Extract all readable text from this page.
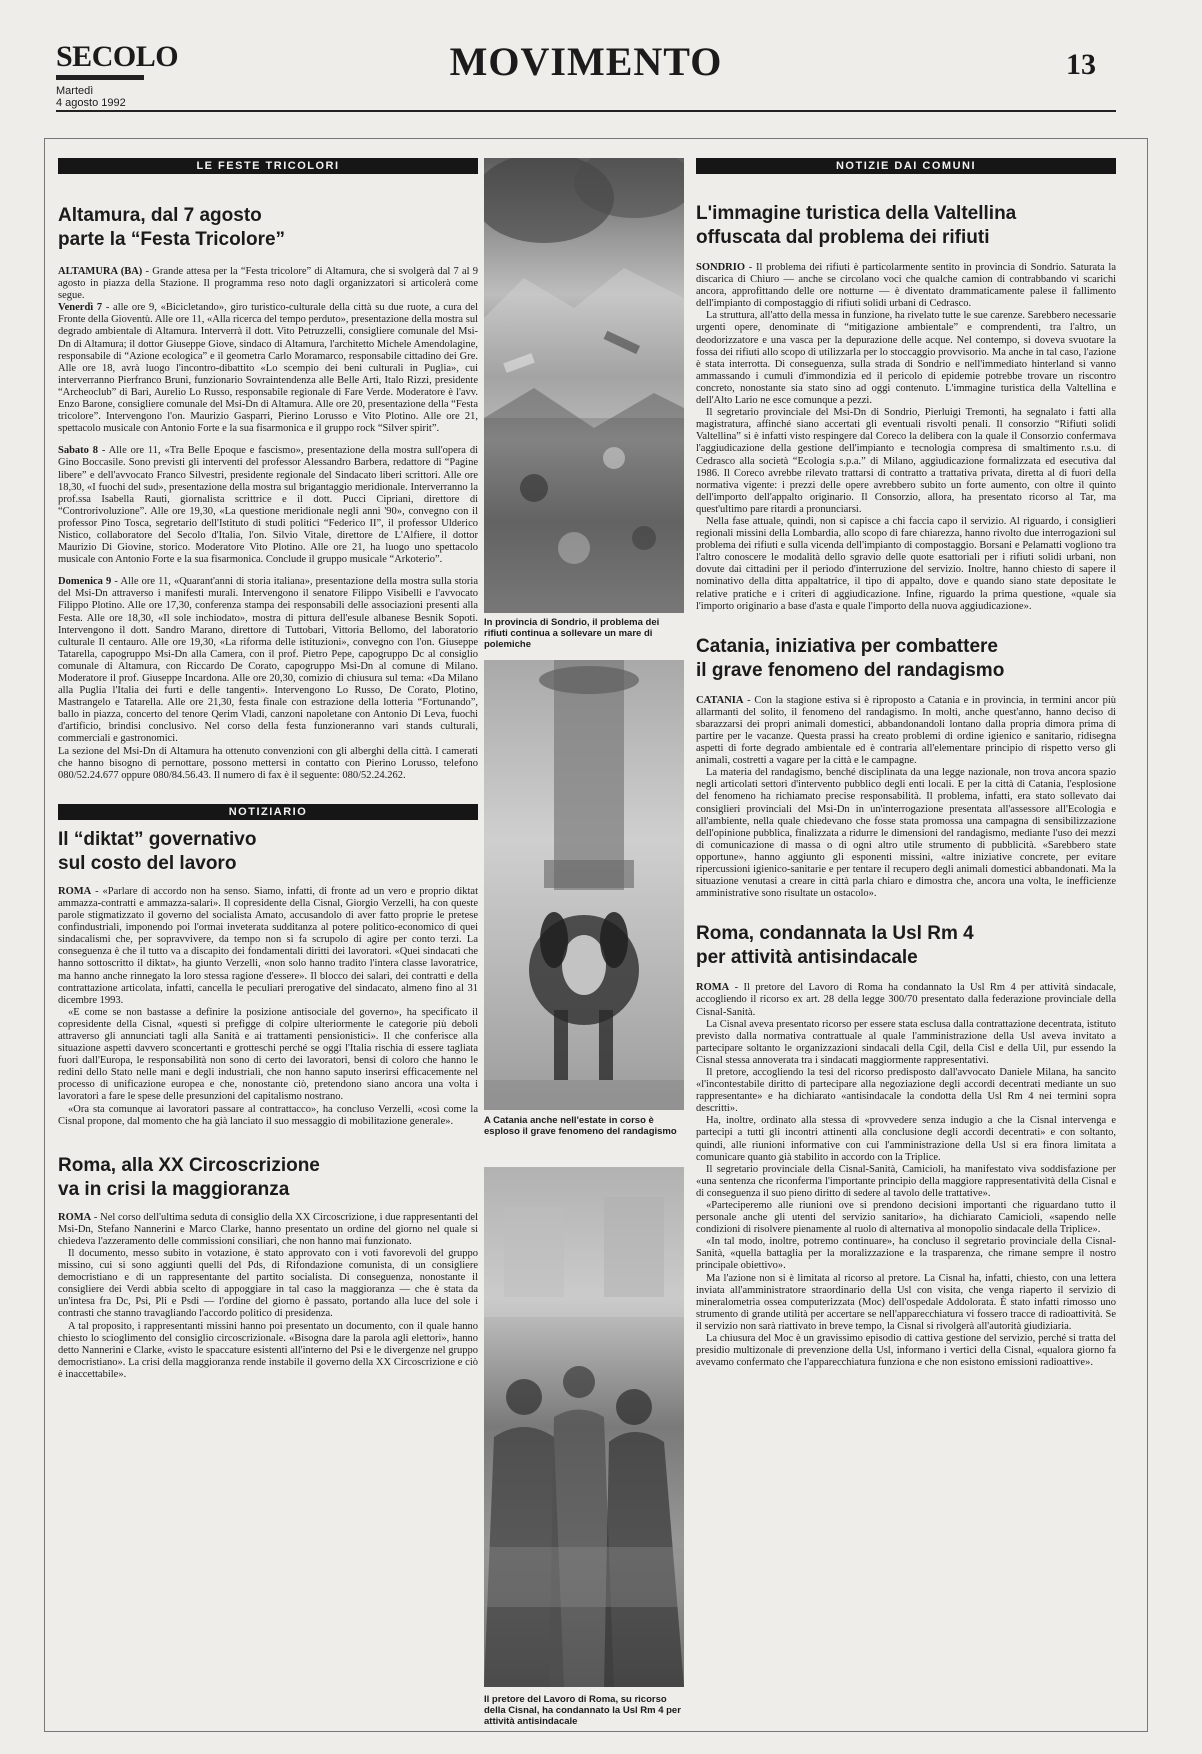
SECOLO
Martedì
4 agosto 1992
MOVIMENTO	13
LE FESTE TRICOLORI
Altamura, dal 7 agosto
parte la “Festa Tricolore”

ALTAMURA (BA) - Grande attesa per la “Festa tricolore” di Altamura, che si svolgerà dal 7 al 9 agosto in piazza della Stazione. Il programma reso noto dagli organizzatori si articolerà come segue.

Venerdì 7 - alle ore 9, «Bicicletando», giro turistico-culturale della città su due ruote, a cura del Fronte della Gioventù. Alle ore 11, «Alla ricerca del tempo perduto», presentazione della mostra sul degrado ambientale di Altamura. Interverrà il dott. Vito Petruzzelli, consigliere comunale del Msi-Dn di Altamura; il dottor Giuseppe Giove, sindaco di Altamura, l'architetto Michele Amendolagine, responsabile di “Azione ecologica” e il geometra Carlo Moramarco, responsabile cittadino dei Gre. Alle ore 18, avrà luogo l'incontro-dibattito «Lo scempio dei beni culturali in Puglia», cui interverranno Pierfranco Bruni, funzionario Sovraintendenza alle Belle Arti, Italo Rizzi, presidente “Archeoclub” di Bari, Aurelio Lo Russo, responsabile regionale di Fare Verde. Moderatore è l'avv. Enzo Barone, consigliere comunale del Msi-Dn di Altamura. Alle ore 20, presentazione della “Festa tricolore”. Intervengono l'on. Maurizio Gasparri, Pierino Lorusso e Vito Plotino. Alle ore 21, spettacolo musicale con Antonio Forte e la sua fisarmonica e il gruppo rock “Silver spirit”.

Sabato 8 - Alle ore 11, «Tra Belle Epoque e fascismo», presentazione della mostra sull'opera di Gino Boccasile. Sono previsti gli interventi del professor Alessandro Barbera, redattore di “Pagine libere” e dell'avvocato Franco Silvestri, presidente regionale del Sindacato liberi scrittori. Alle ore 18,30, «I fuochi del sud», presentazione della mostra sul brigantaggio meridionale. Interverranno la prof.ssa Isabella Rauti, giornalista scrittrice e il dott. Pucci Cipriani, direttore di “Controrivoluzione”. Alle ore 19,30, «La questione meridionale negli anni '90», convegno con il professor Pino Tosca, segretario dell'Istituto di studi politici “Federico II”, il professor Ulderico Nistico, collaboratore del Secolo d'Italia, l'on. Silvio Vitale, direttore de L'Alfiere, il dottor Maurizio Di Giovine, storico. Moderatore Vito Plotino. Alle ore 21, ha luogo uno spettacolo musicale con Antonio Forte e la sua fisarmonica. Conclude il gruppo musicale “Arkoterio”.

Domenica 9 - Alle ore 11, «Quarant'anni di storia italiana», presentazione della mostra sulla storia del Msi-Dn attraverso i manifesti murali. Intervengono il senatore Filippo Visibelli e l'avvocato Filippo Plotino. Alle ore 17,30, conferenza stampa dei responsabili delle associazioni presenti alla Festa. Alle ore 18,30, «Il sole inchiodato», mostra di pittura dell'esule albanese Besnik Sopoti. Intervengono il dott. Sandro Marano, direttore di Tuttobari, Vittoria Bellomo, del laboratorio culturale Il centauro. Alle ore 19,30, «La riforma delle istituzioni», convegno con l'on. Giuseppe Tatarella, capogruppo Msi-Dn alla Camera, con il prof. Pietro Pepe, capogruppo Dc al consiglio comunale di Altamura, con Riccardo De Corato, capogruppo Msi-Dn al comune di Milano. Moderatore il prof. Giuseppe Incardona. Alle ore 20,30, comizio di chiusura sul tema: «Da Milano alla Puglia l'Italia dei furti e delle tangenti». Intervengono Lo Russo, De Corato, Plotino, Mastrangelo e Tatarella. Alle ore 21,30, festa finale con estrazione della lotteria “Fortunando”, ballo in piazza, concerto del tenore Qerim Vladi, canzoni napoletane con Antonio Di Leva, fuochi d'artificio, brindisi conclusivo. Nel corso della festa funzioneranno vari stands culturali, commerciali e gastronomici.

La sezione del Msi-Dn di Altamura ha ottenuto convenzioni con gli alberghi della città. I camerati che hanno bisogno di pernottare, possono mettersi in contatto con Pierino Lorusso, telefono 080/52.24.677 oppure 080/84.56.43. Il numero di fax è il seguente: 080/52.24.262.

NOTIZIARIO
Il “diktat” governativo
sul costo del lavoro

ROMA - «Parlare di accordo non ha senso. Siamo, infatti, di fronte ad un vero e proprio diktat ammazza-contratti e ammazza-salari». Il copresidente della Cisnal, Giorgio Verzelli, ha con queste parole stigmatizzato il governo del socialista Amato, accusandolo di aver fatto proprie le pretese confindustriali, imponendo poi l'ormai inveterata sudditanza al potere politico-economico di quei sindacalismi che, per sopravvivere, da tempo non si fa scrupolo di agire per conto terzi. La conseguenza è che il tutto va a discapito dei fondamentali diritti dei lavoratori. «Quei sindacati che hanno sottoscritto il diktat», ha giunto Verzelli, «non solo hanno tradito l'intera classe lavoratrice, ma hanno anche rinnegato la loro stessa ragione d'essere». Il blocco dei salari, dei contratti e della contrattazione articolata, infatti, cancella le peculiari prerogative del sindacato, almeno fino al 31 dicembre 1993.

«E come se non bastasse a definire la posizione antisociale del governo», ha specificato il copresidente della Cisnal, «questi si prefigge di colpire ulteriormente le categorie più deboli attraverso gli annunciati tagli alla Sanità e ai trattamenti pensionistici». Il che conferisce alla situazione aspetti davvero sconcertanti e grotteschi perché se oggi l'Italia rischia di essere tagliata fuori dall'Europa, le responsabilità non sono di certo dei lavoratori, bensì di coloro che hanno le redini dello Stato nelle mani e degli industriali, che non hanno saputo inserirsi efficacemente nel processo di unificazione europea e che, nonostante ciò, pretendono siano ancora una volta i lavoratori a fare le spese delle presunzioni del capitalismo nostrano.

«Ora sta comunque ai lavoratori passare al contrattacco», ha concluso Verzelli, «così come la Cisnal propone, dal momento che ha già lanciato il suo messaggio di mobilitazione generale».

Roma, alla XX Circoscrizione
va in crisi la maggioranza

ROMA - Nel corso dell'ultima seduta di consiglio della XX Circoscrizione, i due rappresentanti del Msi-Dn, Stefano Nannerini e Marco Clarke, hanno presentato un ordine del giorno nel quale si chiedeva l'azzeramento delle commissioni consiliari, che non hanno mai funzionato.

Il documento, messo subito in votazione, è stato approvato con i voti favorevoli del gruppo missino, cui si sono aggiunti quelli del Pds, di Rifondazione comunista, di un consigliere democristiano e di un rappresentante del partito socialista. Di conseguenza, nonostante il consigliere dei Verdi abbia scelto di appoggiare in tal caso la maggioranza — che è stata da un'intesa fra Dc, Psi, Pli e Psdi — l'ordine del giorno è passato, portando alla luce del sole i contrasti che stanno travagliando l'accordo politico di presidenza.

A tal proposito, i rappresentanti missini hanno poi presentato un documento, con il quale hanno chiesto lo scioglimento del consiglio circoscrizionale. «Bisogna dare la parola agli elettori», hanno detto Nannerini e Clarke, «visto le spaccature esistenti all'interno del Psi e le divergenze nel gruppo democristiano». La crisi della maggioranza rende instabile il governo della XX Circoscrizione e ciò è inaccettabile».

In provincia di Sondrio, il problema dei rifiuti continua a sollevare un mare di polemiche
A Catania anche nell'estate in corso è esploso il grave fenomeno del randagismo
Il pretore del Lavoro di Roma, su ricorso della Cisnal, ha condannato la Usl Rm 4 per attività antisindacale
NOTIZIE DAI COMUNI
L'immagine turistica della Valtellina
offuscata dal problema dei rifiuti

SONDRIO - Il problema dei rifiuti è particolarmente sentito in provincia di Sondrio. Saturata la discarica di Chiuro — anche se circolano voci che qualche camion di contrabbando vi scarichi ancora, approfittando delle ore notturne — è diventato drammaticamente palese il fallimento dell'impianto di compostaggio di rifiuti solidi urbani di Cedrasco.

La struttura, all'atto della messa in funzione, ha rivelato tutte le sue carenze. Sarebbero necessarie urgenti opere, denominate di “mitigazione ambientale” e comprendenti, tra l'altro, un deodorizzatore e una vasca per la depurazione delle acque. Nel contempo, si doveva svuotare la fossa dei rifiuti allo scopo di utilizzarla per lo stoccaggio provvisorio. Ma anche in tal caso, l'azione è stata interrotta. Di conseguenza, sulla strada di Sondrio e nell'immediato hinterland si vanno ammassando i cumuli d'immondizia ed il pericolo di epidemie potrebbe trovare un riscontro concreto, nonostante sia stato sino ad oggi contenuto. L'immagine turistica della Valtellina e dell'Alto Lario ne esce comunque a pezzi.

Il segretario provinciale del Msi-Dn di Sondrio, Pierluigi Tremonti, ha segnalato i fatti alla magistratura, affinché siano accertati gli eventuali risvolti penali. Il consorzio “Rifiuti solidi Valtellina” si è infatti visto respingere dal Coreco la delibera con la quale il Consorzio confermava l'aggiudicazione della gestione dell'impianto e tecnologia compresa di smaltimento r.s.u. di Cedrasco alla società “Ecologia s.p.a.” di Milano, aggiudicazione formalizzata ed esecutiva dal 1986. Il Coreco avrebbe rilevato trattarsi di contratto a trattativa privata, diretta al di fuori della normativa vigente: i prezzi delle opere avrebbero subito un forte aumento, con oltre il quinto dell'importo dell'appalto originario. Il Consorzio, allora, ha presentato ricorso al Tar, ma quest'ultimo pare ritardi a pronunciarsi.

Nella fase attuale, quindi, non si capisce a chi faccia capo il servizio. Al riguardo, i consiglieri regionali missini della Lombardia, allo scopo di fare chiarezza, hanno rivolto due interrogazioni sul problema dei rifiuti e sulla vicenda dell'impianto di compostaggio. Borsani e Pelamatti vogliono tra l'altro conoscere le modalità dello sgravio delle quote esattoriali per i rifiuti solidi urbani, non dovute dai cittadini per il periodo d'interruzione del servizio. Inoltre, hanno chiesto di sapere il nominativo della ditta appaltatrice, il tipo di appalto, dove e quando siano state depositate le relative pratiche e i criteri di aggiudicazione. Infine, riguardo la prima questione, «quale sia l'importo originario a base d'asta e quale l'importo della nuova aggiudicazione».

Catania, iniziativa per combattere
il grave fenomeno del randagismo

CATANIA - Con la stagione estiva si è riproposto a Catania e in provincia, in termini ancor più allarmanti del solito, il fenomeno del randagismo. In molti, anche quest'anno, hanno deciso di sbarazzarsi dei propri animali domestici, abbandonandoli lontano dalla propria dimora prima di partire per le vacanze. Questa prassi ha creato problemi di ordine igienico e sanitario, ridisegna aspetti di forte degrado ambientale ed è contraria all'elementare principio di rispetto verso gli animali, costretti a vagare per la città e le campagne.

La materia del randagismo, benché disciplinata da una legge nazionale, non trova ancora spazio negli articolati settori d'intervento pubblico degli enti locali. E per la città di Catania, l'esplosione del fenomeno ha richiamato precise responsabilità. Il problema, infatti, era stato sollevato dai consiglieri provinciali del Msi-Dn in un'interrogazione presentata all'assessore all'Ecologia e all'ambiente, nella quale chiedevano che fosse stata promossa una campagna di sensibilizzazione dell'opinione pubblica, finalizzata a ridurre le dimensioni del randagismo, mediante l'uso dei mezzi di comunicazione di massa o di ogni altro utile strumento di pubblicità. «Sarebbero state opportune», hanno aggiunto gli esponenti missini, «altre iniziative concrete, per evitare ripercussioni igienico-sanitarie e per tentare il recupero degli animali domestici abbandonati. Ma la situazione venutasi a creare in città parla chiaro e dimostra che, ancora una volta, le inefficienze amministrative sono risultate un ostacolo».

Roma, condannata la Usl Rm 4
per attività antisindacale

ROMA - Il pretore del Lavoro di Roma ha condannato la Usl Rm 4 per attività sindacale, accogliendo il ricorso ex art. 28 della legge 300/70 presentato dalla federazione provinciale della Cisnal-Sanità.

La Cisnal aveva presentato ricorso per essere stata esclusa dalla contrattazione decentrata, istituto previsto dalla normativa contrattuale al quale l'amministrazione della Usl aveva invitato a partecipare soltanto le organizzazioni sindacali della Cgil, della Cisl e della Uil, pur essendo la Cisnal stessa annoverata tra i sindacati maggiormente rappresentativi.

Il pretore, accogliendo la tesi del ricorso predisposto dall'avvocato Daniele Milana, ha sancito «l'incontestabile diritto di partecipare alla negoziazione degli accordi decentrati mediante un suo rappresentante» e ha dichiarato «antisindacale la condotta della Usl Rm 4 nei termini sopra descritti».

Ha, inoltre, ordinato alla stessa di «provvedere senza indugio a che la Cisnal intervenga e partecipi a tutti gli incontri attinenti alla conclusione degli accordi decentrati» e con soltanto, quindi, alle riunioni informative con cui l'amministrazione della Usl si era finora limitata a comunicare quanto già stabilito in accordo con la Triplice.

Il segretario provinciale della Cisnal-Sanità, Camicioli, ha manifestato viva soddisfazione per «una sentenza che riconferma l'importante principio della maggiore rappresentatività della Cisnal e di conseguenza il suo pieno diritto di sedere al tavolo delle trattative».

«Parteciperemo alle riunioni ove si prendono decisioni importanti che riguardano tutto il personale anche gli utenti del servizio sanitario», ha dichiarato Camicioli, «sapendo nelle condizioni di risolvere pienamente al ruolo di alternativa al monopolio sindacale della Triplice».

«In tal modo, inoltre, potremo continuare», ha concluso il segretario provinciale della Cisnal-Sanità, «quella battaglia per la moralizzazione e la trasparenza, che rimane sempre il nostro principale obiettivo».

Ma l'azione non si è limitata al ricorso al pretore. La Cisnal ha, infatti, chiesto, con una lettera inviata all'amministratore straordinario della Usl con visita, che venga riaperto il servizio di mineralometria ossea computerizzata (Moc) dell'ospedale Addolorata. È stato infatti rimosso uno strumento di grande utilità per accertare se nell'apparecchiatura vi fossero tracce di radioattività. Se il servizio non sarà riattivato in breve tempo, la Cisnal si rivolgerà all'autorità giudiziaria.

La chiusura del Moc è un gravissimo episodio di cattiva gestione del servizio, perché si tratta del presidio multizonale di prevenzione della Usl, informano i vertici della Cisnal, «qualora giorno fa avevamo confermato che l'apparecchiatura funziona e che non esistono emissioni radioattive».
